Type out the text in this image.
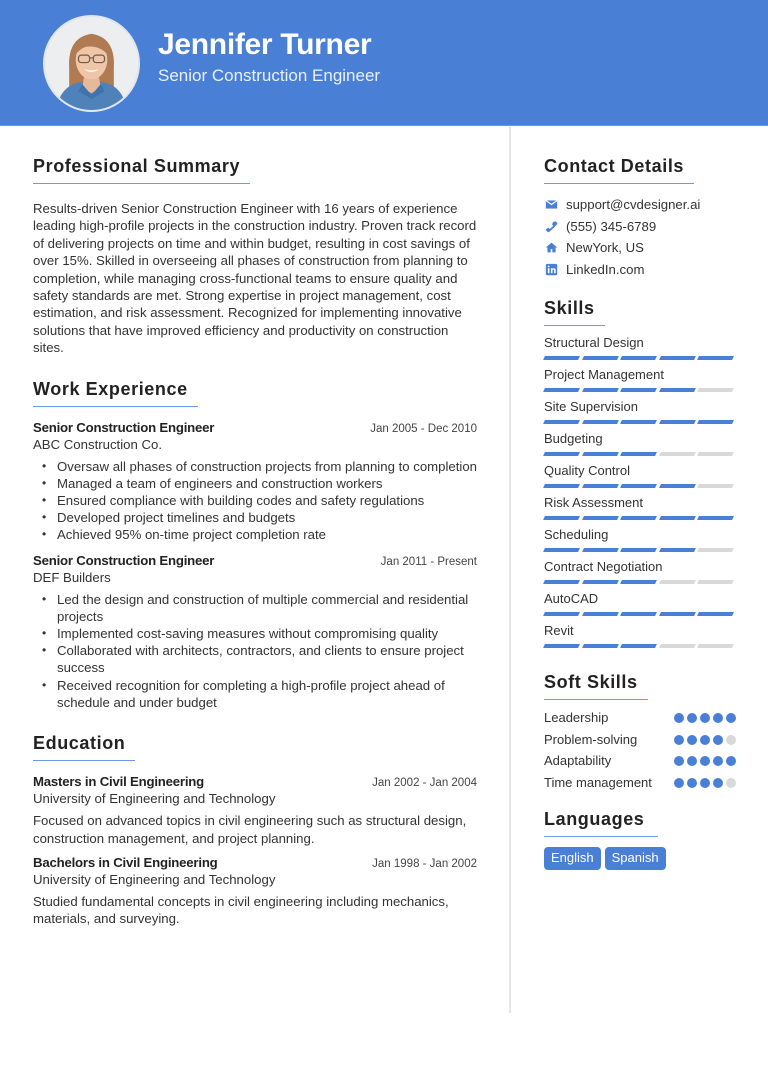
Jennifer Turner
Senior Construction Engineer
Professional Summary

Results-driven Senior Construction Engineer with 16 years of experience leading high-profile projects in the construction industry. Proven track record of delivering projects on time and within budget, resulting in cost savings of over 15%. Skilled in overseeing all phases of construction from planning to completion, while managing cross-functional teams to ensure quality and safety standards are met. Strong expertise in project management, cost estimation, and risk assessment. Recognized for implementing innovative solutions that have improved efficiency and productivity on construction sites.

Work Experience
Senior Construction Engineer	Jan 2005 - Dec 2010
ABC Construction Co.
• Oversaw all phases of construction projects from planning to completion
• Managed a team of engineers and construction workers
• Ensured compliance with building codes and safety regulations
• Developed project timelines and budgets
• Achieved 95% on-time project completion rate
Senior Construction Engineer	Jan 2011 - Present
DEF Builders
• Led the design and construction of multiple commercial and residential projects
• Implemented cost-saving measures without compromising quality
• Collaborated with architects, contractors, and clients to ensure project success
• Received recognition for completing a high-profile project ahead of schedule and under budget
Education
Masters in Civil Engineering	Jan 2002 - Jan 2004
University of Engineering and Technology

Focused on advanced topics in civil engineering such as structural design, construction management, and project planning.

Bachelors in Civil Engineering	Jan 1998 - Jan 2002
University of Engineering and Technology

Studied fundamental concepts in civil engineering including mechanics, materials, and surveying.

Contact Details
support@cvdesigner.ai
(555) 345-6789
NewYork, US
LinkedIn.com
Skills
Structural Design
Project Management
Site Supervision
Budgeting
Quality Control
Risk Assessment
Scheduling
Contract Negotiation
AutoCAD
Revit
Soft Skills
Leadership
Problem-solving
Adaptability
Time management
Languages
English	Spanish
